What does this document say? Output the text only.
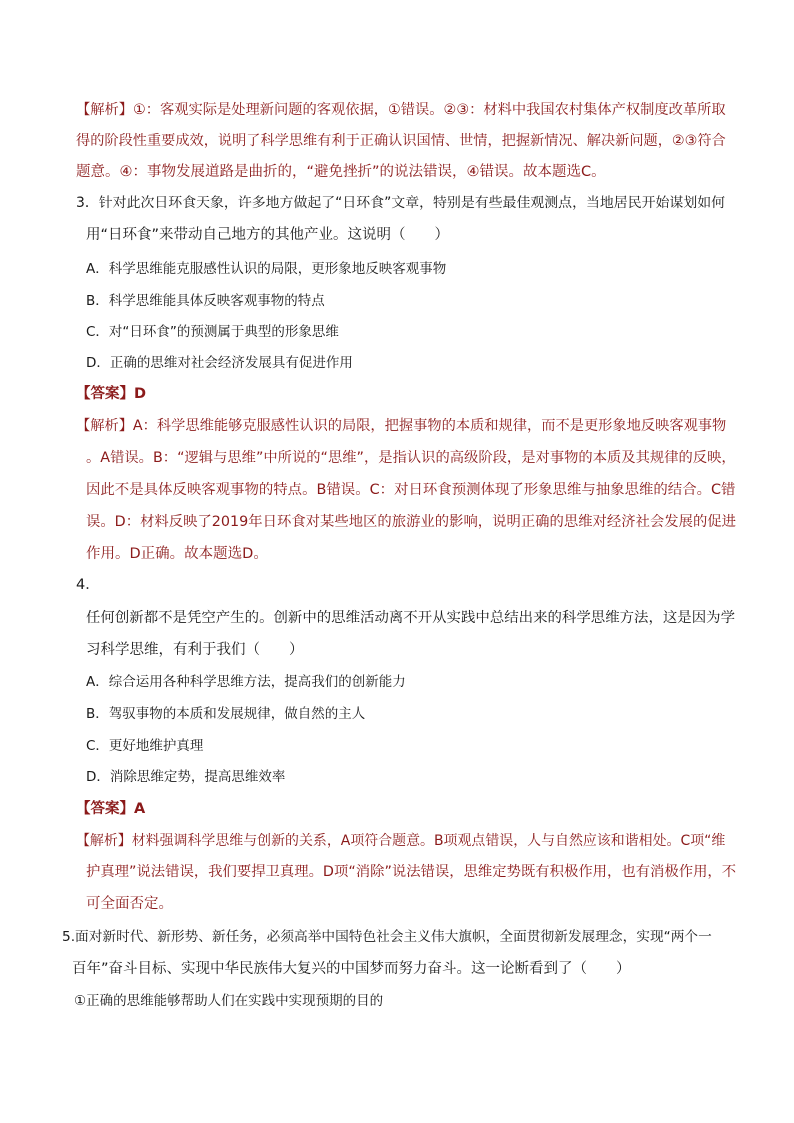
【解析】①：客观实际是处理新问题的客观依据，①错误。②③：材料中我国农村集体产权制度改革所取
得的阶段性重要成效，说明了科学思维有利于正确认识国情、世情，把握新情况、解决新问题，②③符合
题意。④：事物发展道路是曲折的，“避免挫折”的说法错误，④错误。故本题选C。
3．针对此次日环食天象，许多地方做起了“日环食”文章，特别是有些最佳观测点，当地居民开始谋划如何
用“日环食”来带动自己地方的其他产业。这说明（　　）
A．科学思维能克服感性认识的局限，更形象地反映客观事物
B．科学思维能具体反映客观事物的特点
C．对“日环食”的预测属于典型的形象思维
D．正确的思维对社会经济发展具有促进作用
【答案】D
【解析】A：科学思维能够克服感性认识的局限，把握事物的本质和规律，而不是更形象地反映客观事物
。A错误。B：“逻辑与思维”中所说的“思维”，是指认识的高级阶段，是对事物的本质及其规律的反映，
因此不是具体反映客观事物的特点。B错误。C：对日环食预测体现了形象思维与抽象思维的结合。C错
误。D：材料反映了2019年日环食对某些地区的旅游业的影响，说明正确的思维对经济社会发展的促进
作用。D正确。故本题选D。
4．
任何创新都不是凭空产生的。创新中的思维活动离不开从实践中总结出来的科学思维方法，这是因为学
习科学思维，有利于我们（　　）
A．综合运用各种科学思维方法，提高我们的创新能力
B．驾驭事物的本质和发展规律，做自然的主人
C．更好地维护真理
D．消除思维定势，提高思维效率
【答案】A
【解析】材料强调科学思维与创新的关系，A项符合题意。B项观点错误，人与自然应该和谐相处。C项“维
护真理”说法错误，我们要捍卫真理。D项“消除”说法错误，思维定势既有积极作用，也有消极作用，不
可全面否定。
5.面对新时代、新形势、新任务，必须高举中国特色社会主义伟大旗帜，全面贯彻新发展理念，实现“两个一
百年”奋斗目标、实现中华民族伟大复兴的中国梦而努力奋斗。这一论断看到了（　　）
①正确的思维能够帮助人们在实践中实现预期的目的
